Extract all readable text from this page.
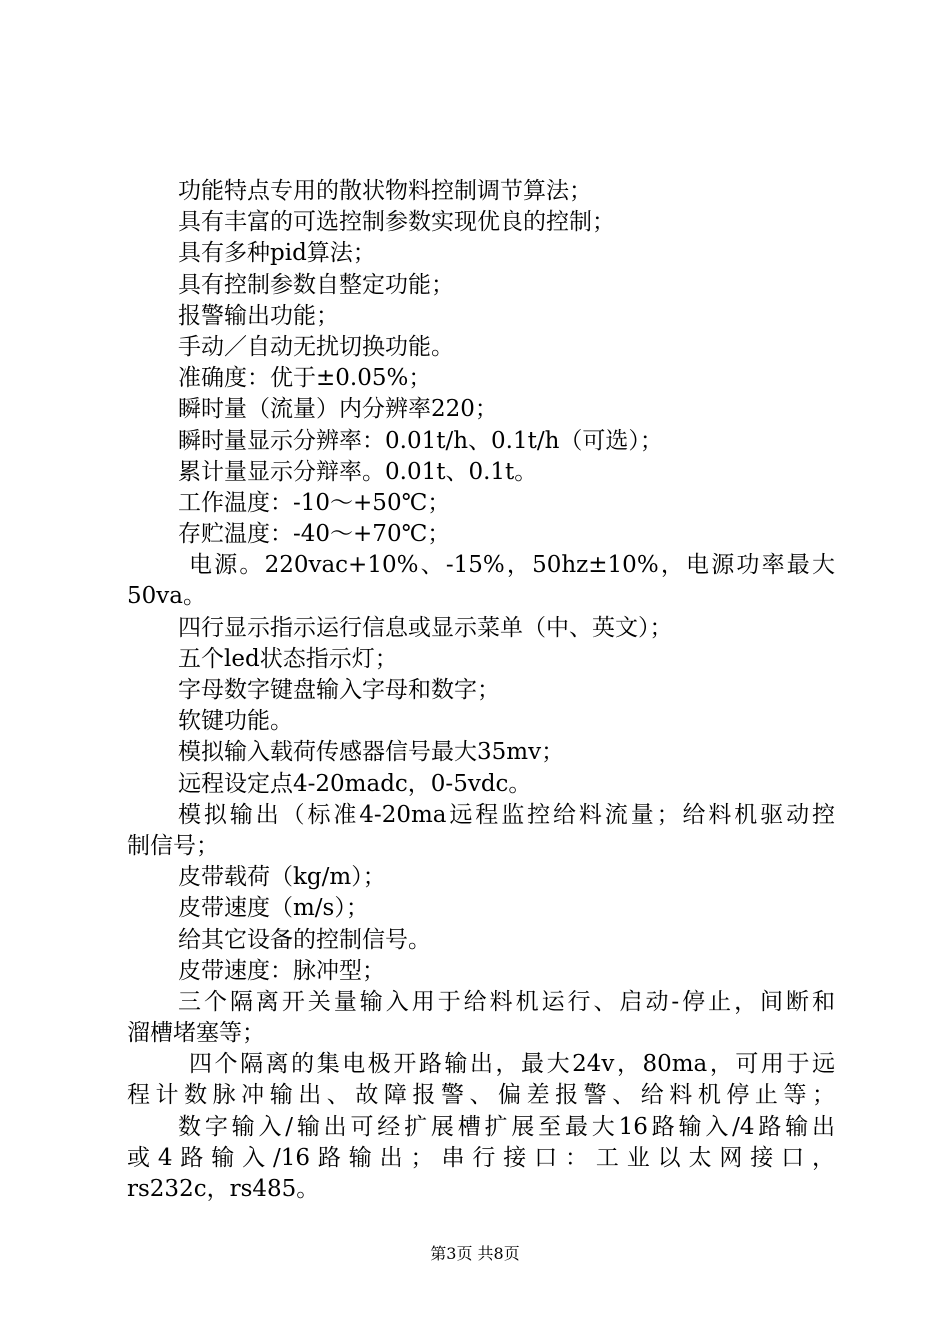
功能特点专用的散状物料控制调节算法；
具有丰富的可选控制参数实现优良的控制；
具有多种pid算法；
具有控制参数自整定功能；
报警输出功能；
手动／自动无扰切换功能。
准确度：优于±0.05%；
瞬时量（流量）内分辨率220；
瞬时量显示分辨率：0.01t/h、0.1t/h（可选）；
累计量显示分辩率。0.01t、0.1t。
工作温度：-10～+50℃；
存贮温度：-40～+70℃；
电源。220vac+10%、-15%，50hz±10%，电源功率最大
50va。
四行显示指示运行信息或显示菜单（中、英文）；
五个led状态指示灯；
字母数字键盘输入字母和数字；
软键功能。
模拟输入载荷传感器信号最大35mv；
远程设定点4-20madc，0-5vdc。
模拟输出（标准4-20ma远程监控给料流量；给料机驱动控
制信号；
皮带载荷（kg/m）；
皮带速度（m/s）；
给其它设备的控制信号。
皮带速度：脉冲型；
三个隔离开关量输入用于给料机运行、启动-停止，间断和
溜槽堵塞等；
四个隔离的集电极开路输出，最大24v，80ma，可用于远
程计数脉冲输出、故障报警、偏差报警、给料机停止等；
数字输入/输出可经扩展槽扩展至最大16路输入/4路输出
或4路输入/16路输出；串行接口：工业以太网接口，
rs232c，rs485。
第3页 共8页
